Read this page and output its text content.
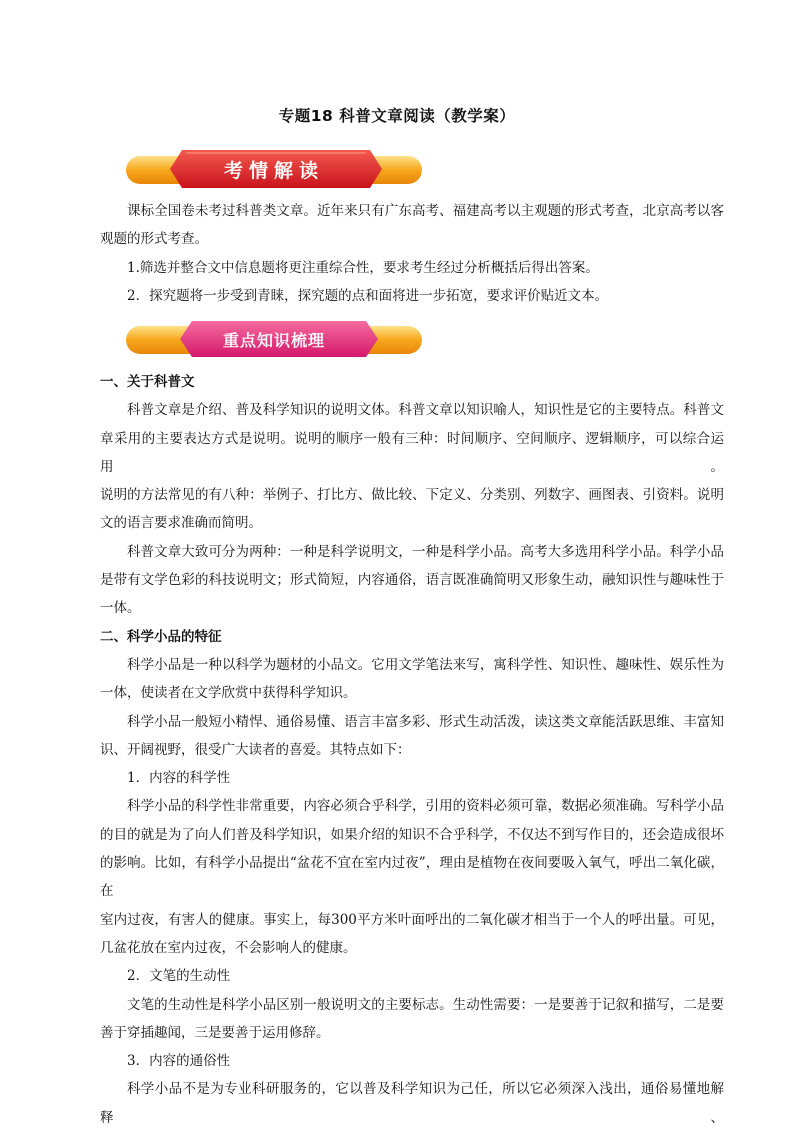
专题18 科普文章阅读（教学案）
考情解读

课标全国卷未考过科普类文章。近年来只有广东高考、福建高考以主观题的形式考查，北京高考以客

观题的形式考查。

1.筛选并整合文中信息题将更注重综合性，要求考生经过分析概括后得出答案。

2．探究题将一步受到青睐，探究题的点和面将进一步拓宽，要求评价贴近文本。

重点知识梳理

一、关于科普文

科普文章是介绍、普及科学知识的说明文体。科普文章以知识喻人，知识性是它的主要特点。科普文

章采用的主要表达方式是说明。说明的顺序一般有三种：时间顺序、空间顺序、逻辑顺序，可以综合运用。

说明的方法常见的有八种：举例子、打比方、做比较、下定义、分类别、列数字、画图表、引资料。说明

文的语言要求准确而简明。

科普文章大致可分为两种：一种是科学说明文，一种是科学小品。高考大多选用科学小品。科学小品

是带有文学色彩的科技说明文；形式简短，内容通俗，语言既准确简明又形象生动，融知识性与趣味性于

一体。

二、科学小品的特征

科学小品是一种以科学为题材的小品文。它用文学笔法来写，寓科学性、知识性、趣味性、娱乐性为

一体，使读者在文学欣赏中获得科学知识。

科学小品一般短小精悍、通俗易懂、语言丰富多彩、形式生动活泼，读这类文章能活跃思维、丰富知

识、开阔视野，很受广大读者的喜爱。其特点如下：

1．内容的科学性

科学小品的科学性非常重要，内容必须合乎科学，引用的资料必须可靠，数据必须准确。写科学小品

的目的就是为了向人们普及科学知识，如果介绍的知识不合乎科学，不仅达不到写作目的，还会造成很坏

的影响。比如，有科学小品提出“盆花不宜在室内过夜”，理由是植物在夜间要吸入氧气，呼出二氧化碳，在

室内过夜，有害人的健康。事实上，每300平方米叶面呼出的二氧化碳才相当于一个人的呼出量。可见，

几盆花放在室内过夜，不会影响人的健康。

2．文笔的生动性

文笔的生动性是科学小品区别一般说明文的主要标志。生动性需要：一是要善于记叙和描写，二是要

善于穿插趣闻，三是要善于运用修辞。

3．内容的通俗性

科学小品不是为专业科研服务的，它以普及科学知识为己任，所以它必须深入浅出，通俗易懂地解释、
